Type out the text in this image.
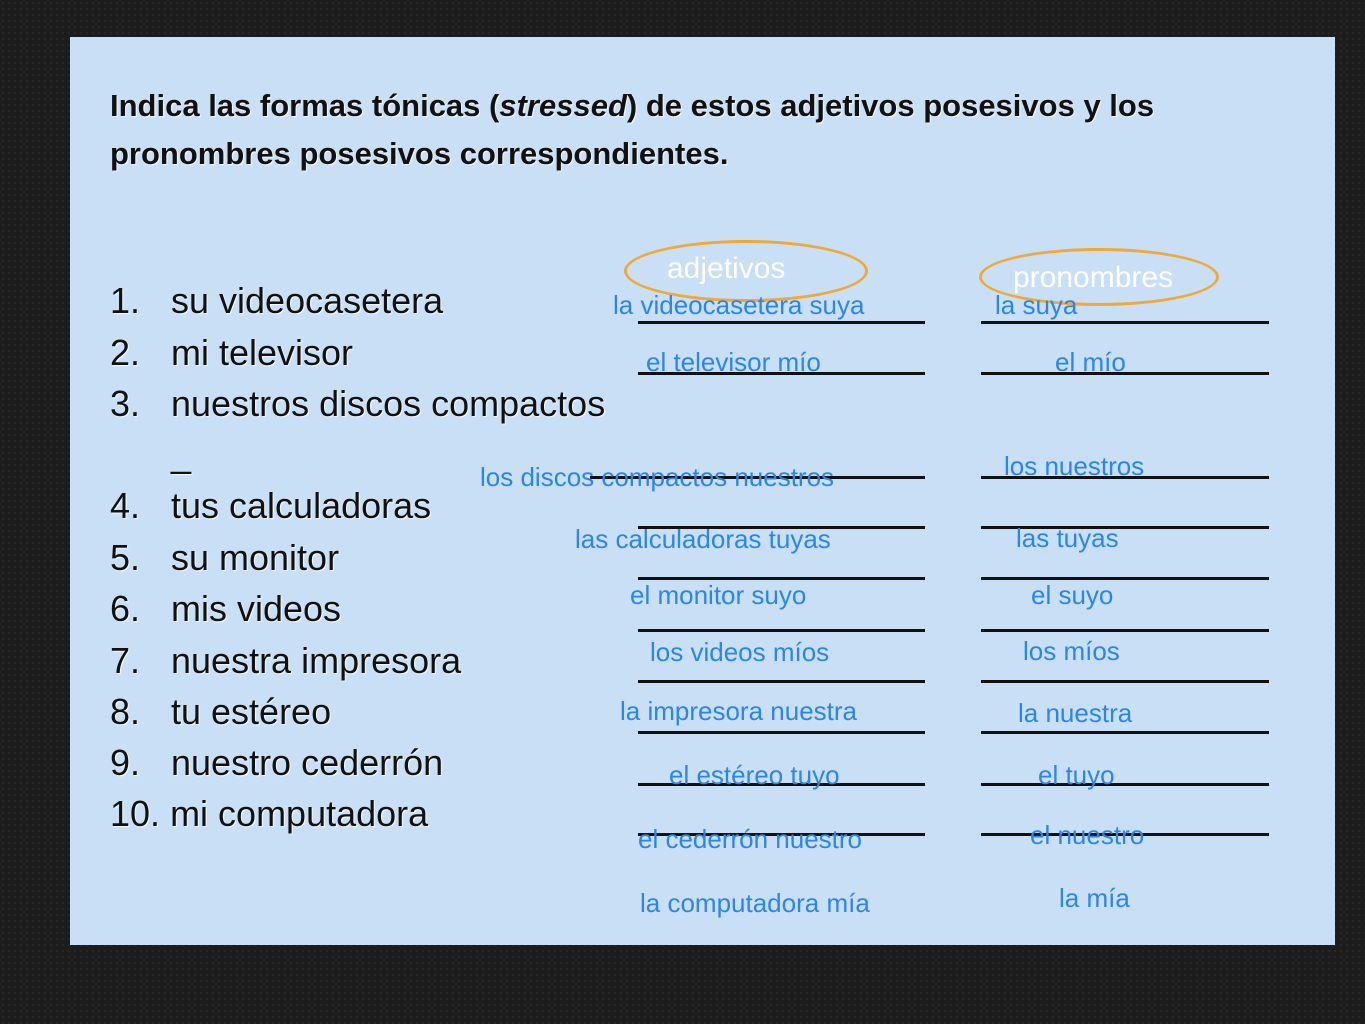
Indica las formas tónicas (stressed) de estos adjetivos posesivos y los pronombres posesivos correspondientes.

adjetivos	pronombres

1. su videocasetera

2. mi televisor

3. nuestros discos compactos

_

4. tus calculadoras

5. su monitor

6. mis videos

7. nuestra impresora

8. tu estéreo

9. nuestro cederrón

10. mi computadora

la videocasetera suya

el televisor mío

los discos compactos nuestros

las calculadoras tuyas

el monitor suyo

los videos míos

la impresora nuestra

el estéreo tuyo

el cederrón nuestro

la computadora mía

la suya

el mío

los nuestros

las tuyas

el suyo

los míos

la nuestra

el tuyo

el nuestro

la mía
